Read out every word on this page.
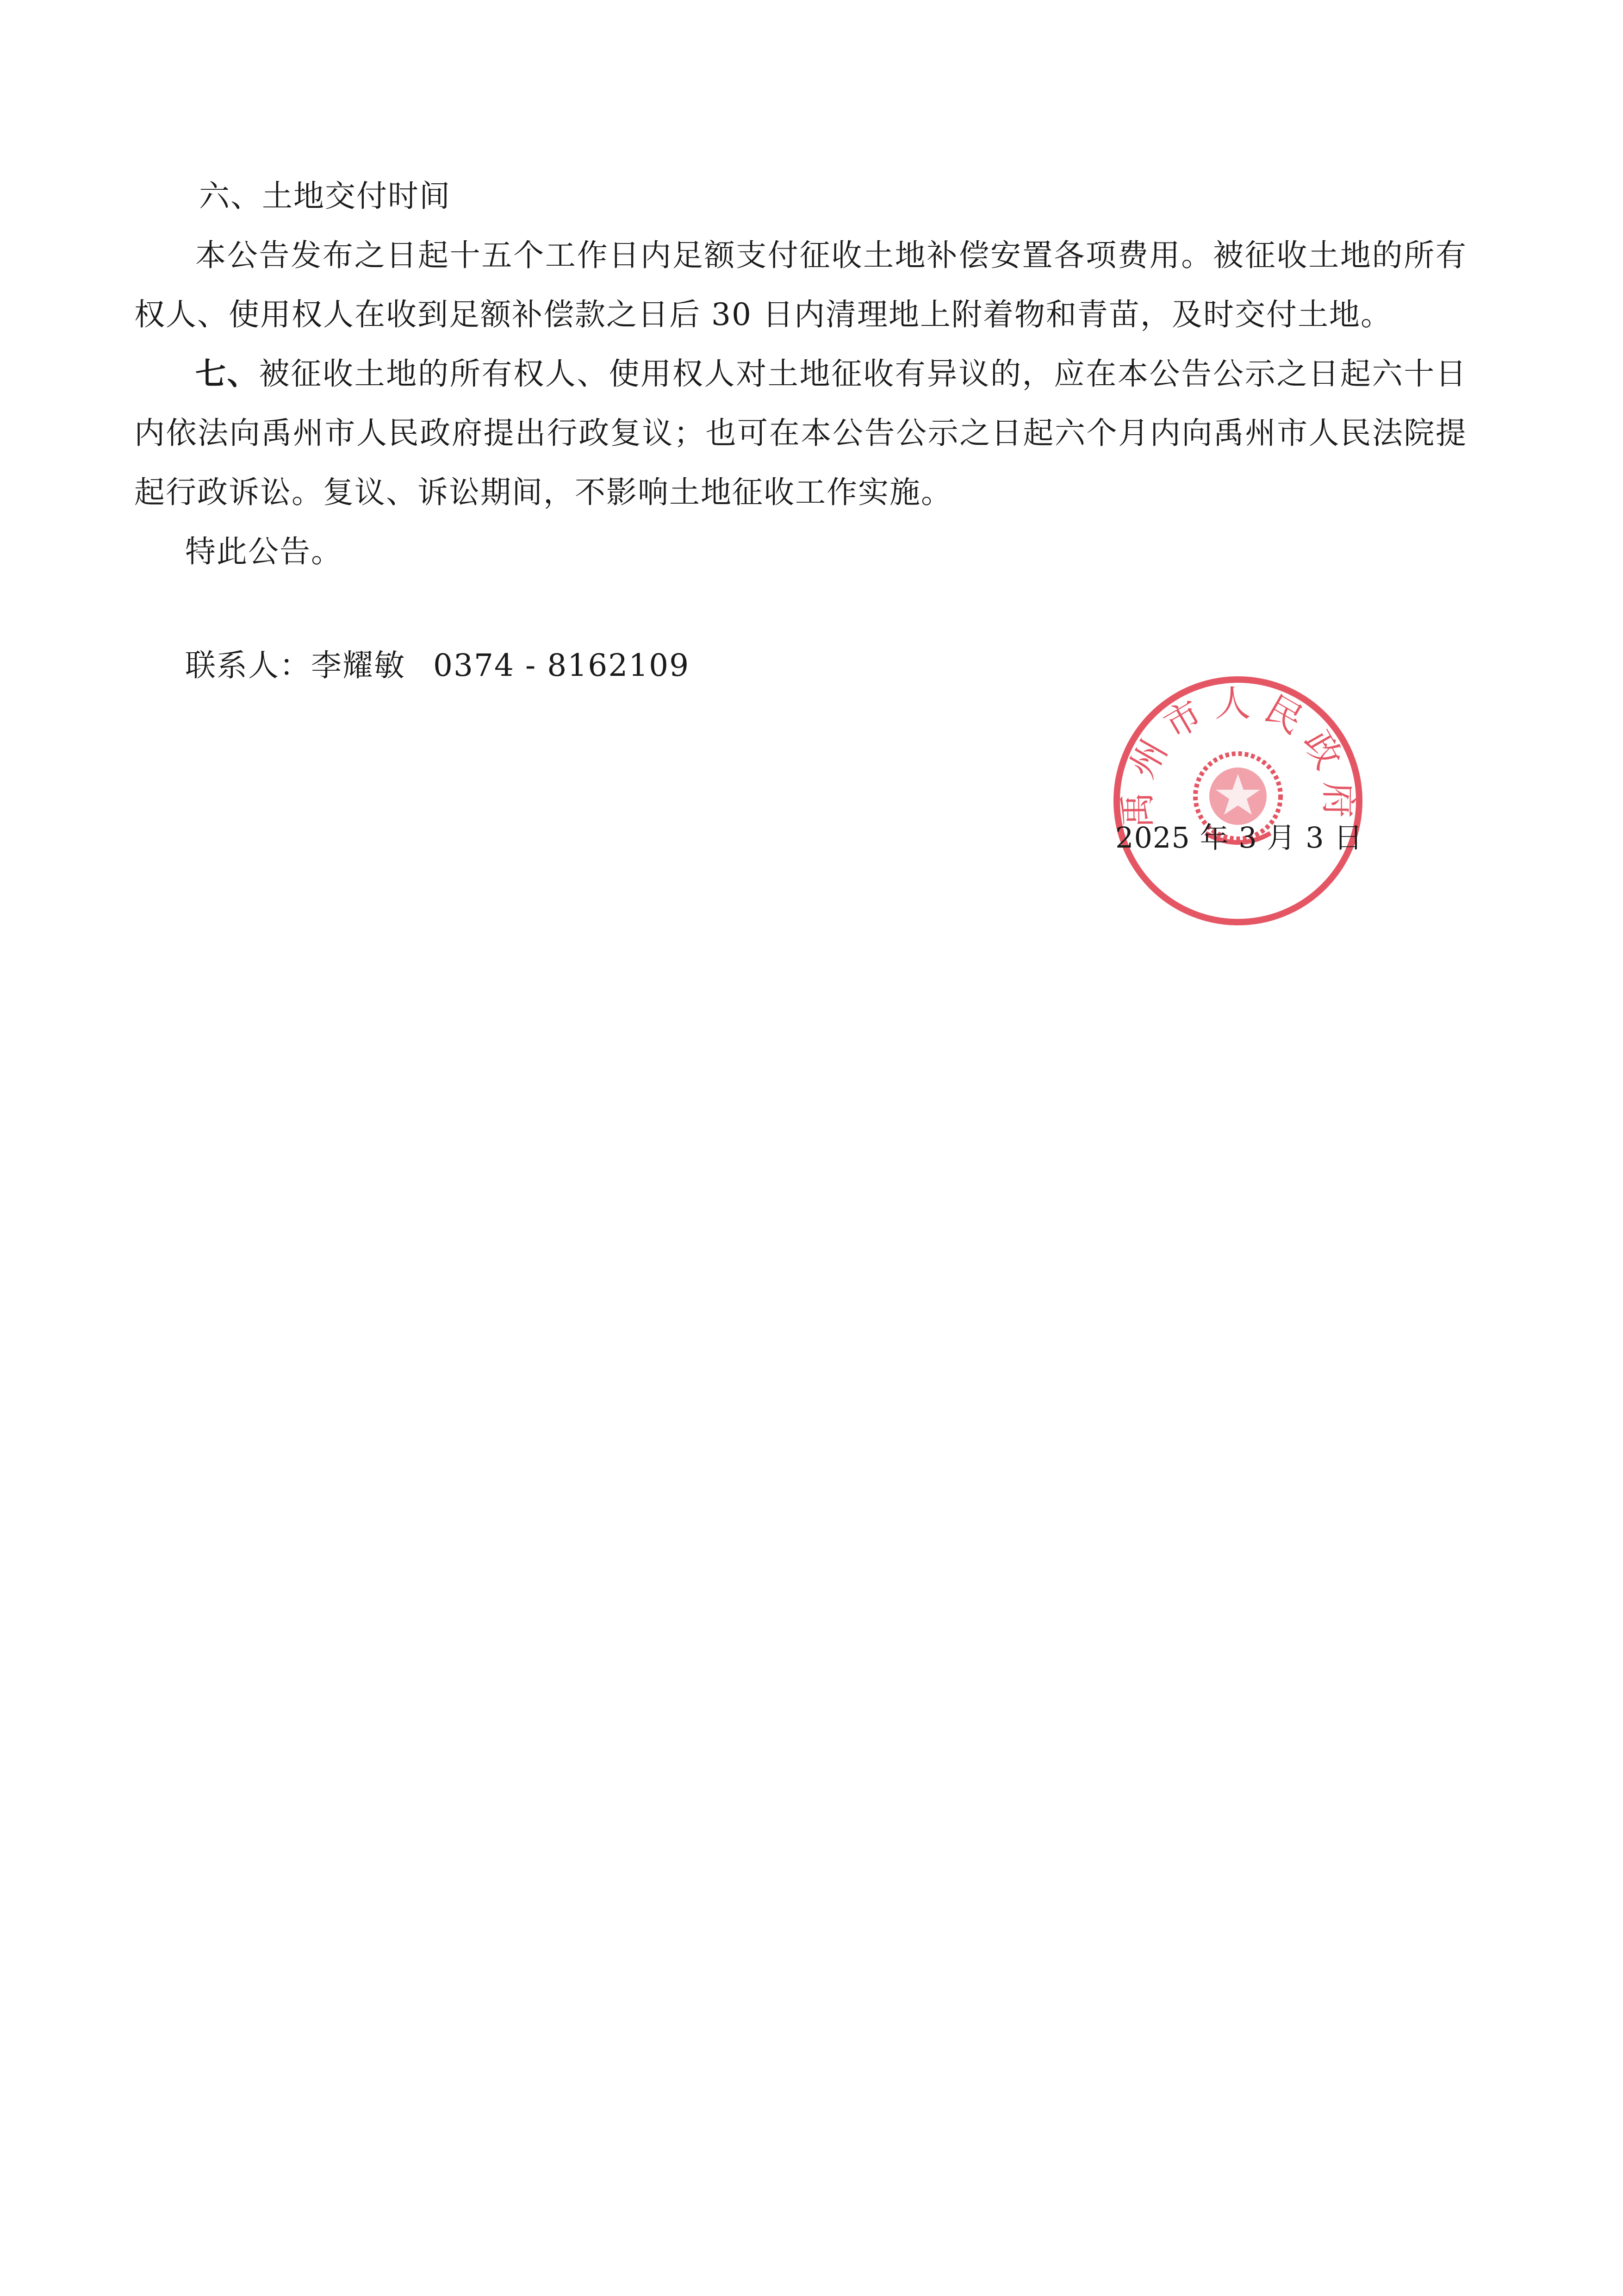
六、土地交付时间

本公告发布之日起十五个工作日内足额支付征收土地补偿安置各项费用。被征收土地的所有权人、使用权人在收到足额补偿款之日后 30 日内清理地上附着物和青苗，及时交付土地。

七、被征收土地的所有权人、使用权人对土地征收有异议的，应在本公告公示之日起六十日内依法向禹州市人民政府提出行政复议；也可在本公告公示之日起六个月内向禹州市人民法院提起行政诉讼。复议、诉讼期间，不影响土地征收工作实施。

特此公告。

联系人：李耀敏 0374 - 8162109

禹州市人民政府
2025 年 3 月 3 日
